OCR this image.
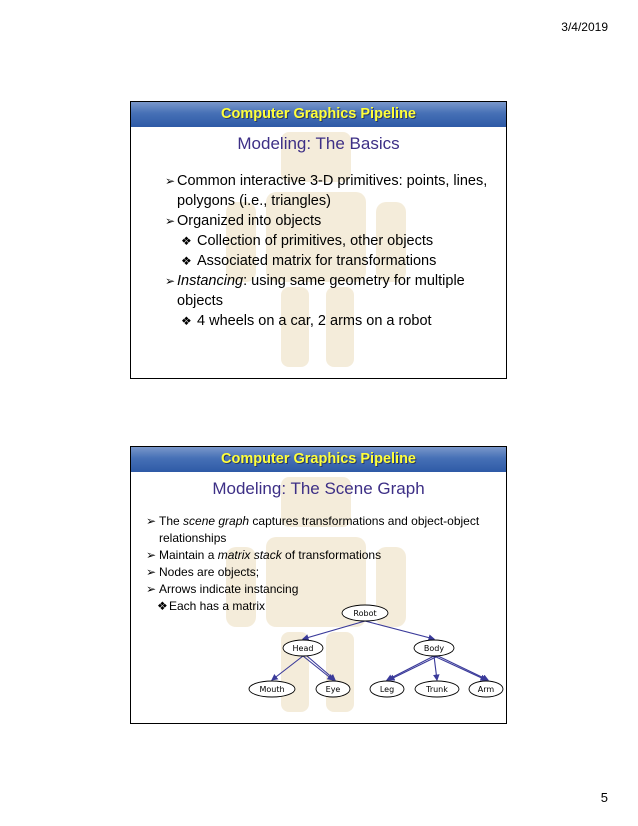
3/4/2019
Computer Graphics Pipeline
Modeling: The Basics
➢ Common interactive 3-D primitives: points, lines, polygons (i.e., triangles)
➢ Organized into objects
❖ Collection of primitives, other objects
❖ Associated matrix for transformations
➢ Instancing: using same geometry for multiple objects
❖ 4 wheels on a car, 2 arms on a robot
Computer Graphics Pipeline
Modeling: The Scene Graph
➢ The scene graph captures transformations and object-object relationships
➢ Maintain a matrix stack of transformations
➢ Nodes are objects;
➢ Arrows indicate instancing
❖ Each has a matrix
Robot
Head	Body
Mouth	Eye	Leg	Trunk	Arm
5
